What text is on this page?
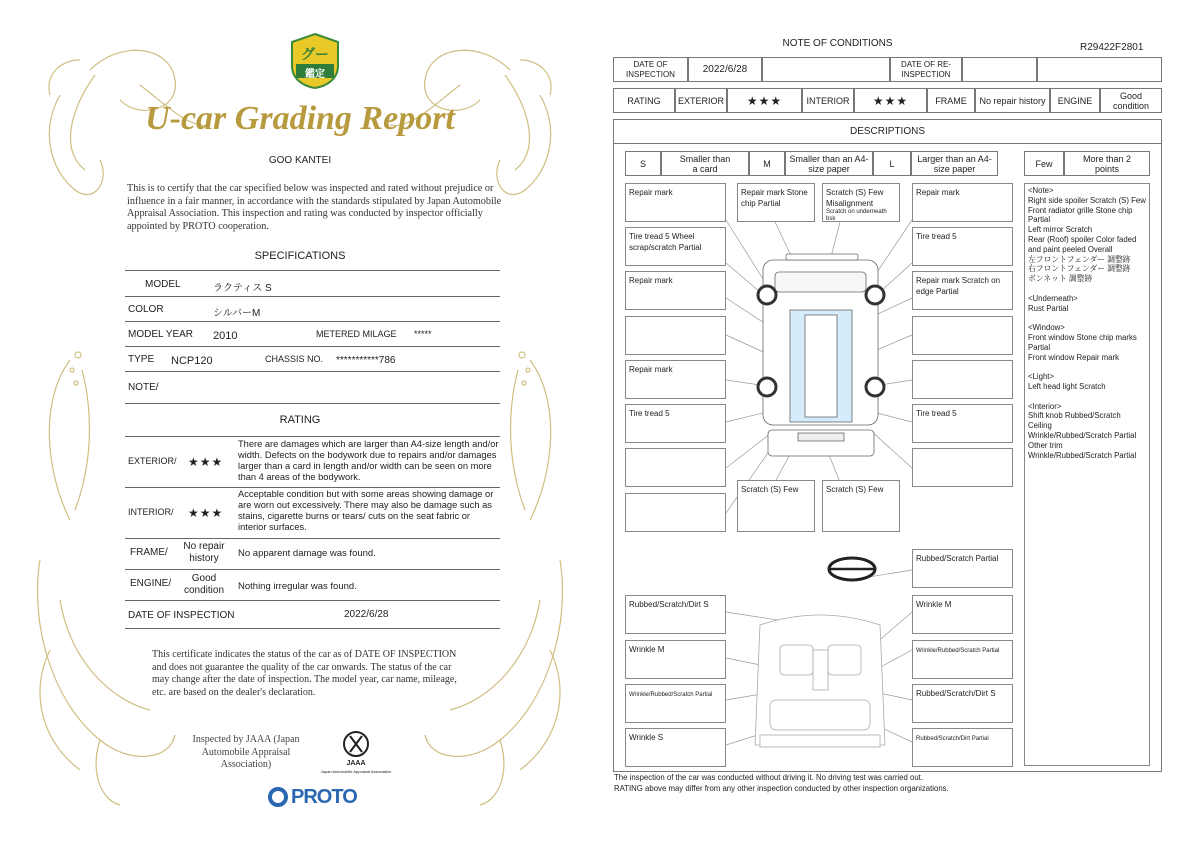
グー
鑑定
U-car Grading Report
GOO KANTEI
This is to certify that the car specified below was inspected and rated without prejudice or influence in a fair manner, in accordance with the standards stipulated by Japan Automobile Appraisal Association. This inspection and rating was conducted by inspector officially appointed by PROTO cooperation.
SPECIFICATIONS
MODEL	ラクティス S
COLOR	シルバーM
MODEL YEAR 2010	METERED MILAGE *****
TYPE NCP120	CHASSIS NO. ***********786
NOTE/
RATING
EXTERIOR/ ★★★
There are damages which are larger than A4-size length and/or width. Defects on the bodywork due to repairs and/or damages larger than a card in length and/or width can be seen on more than 4 areas of the bodywork.
INTERIOR/ ★★★
Acceptable condition but with some areas showing damage or are worn out excessively. There may also be damage such as stains, cigarette burns or tears/ cuts on the seat fabric or interior surfaces.
FRAME/
No repair history	No apparent damage was found.
ENGINE/	Good condition	Nothing irregular was found.
DATE OF INSPECTION	2022/6/28
This certificate indicates the status of the car as of DATE OF INSPECTION and does not guarantee the quality of the car onwards. The status of the car may change after the date of inspection. The model year, car name, mileage, etc. are based on the dealer's declaration.
Inspected by JAAA (Japan Automobile Appraisal Association)	JAAA
Japan Automobile Appraisal Association
PROTO
NOTE OF CONDITIONS	R29422F2801
DATE OF INSPECTION	2022/6/28	DATE OF RE-INSPECTION
RATING	EXTERIOR	★★★	INTERIOR	★★★	FRAME	No repair history	ENGINE	Good condition
DESCRIPTIONS
S	Smaller than a card	M	Smaller than an A4-size paper	L	Larger than an A4-size paper	Few	More than 2 points
Repair mark	Repair mark Stone chip Partial
Scratch (S) Few Misalignment
Scratch on underneath bsk
Repair mark
Tire tread 5 Wheel scrap/scratch Partial
Tire tread 5
Repair mark	Repair mark Scratch on edge Partial
Repair mark
Tire tread 5	Tire tread 5
Scratch (S) Few	Scratch (S) Few
Rubbed/Scratch Partial
Rubbed/Scratch/Dirt S	Wrinkle M
Wrinkle M	Wrinkle/Rubbed/Scratch Partial
Wrinkle/Rubbed/Scratch Partial	Rubbed/Scratch/Dirt S
Wrinkle S	Rubbed/Scratch/Dirt Partial
<Note>
Right side spoiler Scratch (S) Few
Front radiator grille Stone chip Partial
Left mirror Scratch
Rear (Roof) spoiler Color faded and paint peeled Overall
左フロントフェンダー 調整跡
右フロントフェンダー 調整跡
ボンネット 調整跡

<Underneath>
Rust Partial

<Window>
Front window Stone chip marks Partial
Front window Repair mark

<Light>
Left head light Scratch

<Interior>
Shift knob Rubbed/Scratch
Ceiling
Wrinkle/Rubbed/Scratch Partial
Other trim
Wrinkle/Rubbed/Scratch Partial
The inspection of the car was conducted without driving it. No driving test was carried out.
RATING above may differ from any other inspection conducted by other inspection organizations.
